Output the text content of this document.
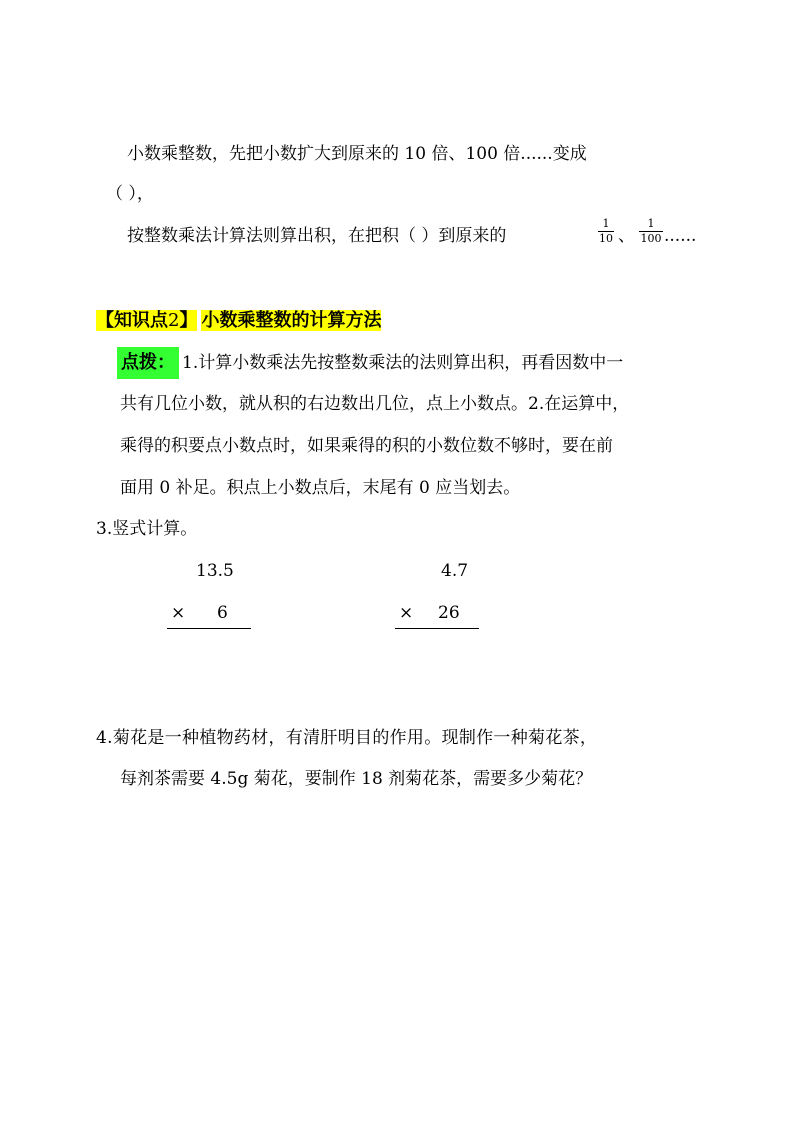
小数乘整数，先把小数扩大到原来的 10 倍、100 倍......变成
（ ），
按整数乘法计算法则算出积，在把积（ ）到原来的	$\frac{1}{10}$ 、 $\frac{1}{100}$ ......
【知识点2】 小数乘整数的计算方法
点拨： 1.计算小数乘法先按整数乘法的法则算出积，再看因数中一
共有几位小数，就从积的右边数出几位，点上小数点。2.在运算中，
乘得的积要点小数点时，如果乘得的积的小数位数不够时，要在前
面用 0 补足。积点上小数点后，末尾有 0 应当划去。
3.竖式计算。
13.5
× 6
4.7
× 26
4.菊花是一种植物药材，有清肝明目的作用。现制作一种菊花茶，
每剂茶需要 4.5g 菊花，要制作 18 剂菊花茶，需要多少菊花？
